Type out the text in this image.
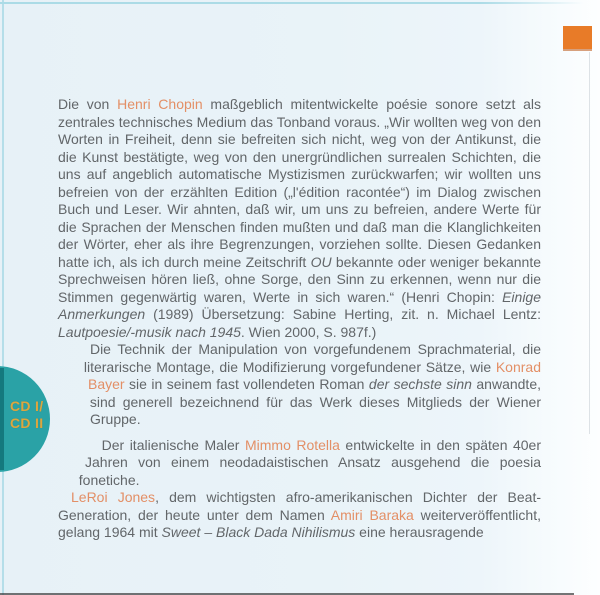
CD I/
CD II

Die von Henri Chopin maßgeblich mitentwickelte poésie sonore setzt als zentrales technisches Medium das Tonband voraus. „Wir wollten weg von den Worten in Freiheit, denn sie befreiten sich nicht, weg von der Antikunst, die die Kunst bestätigte, weg von den unergründlichen surrealen Schichten, die uns auf angeblich automatische Mystizismen zurückwarfen; wir wollten uns befreien von der erzählten Edition („l'édition racontée“) im Dialog zwischen Buch und Leser. Wir ahnten, daß wir, um uns zu befreien, andere Werte für die Sprachen der Menschen finden mußten und daß man die Klanglichkeiten der Wörter, eher als ihre Begrenzungen, vorziehen sollte. Diesen Gedanken hatte ich, als ich durch meine Zeitschrift OU bekannte oder weniger bekannte Sprechweisen hören ließ, ohne Sorge, den Sinn zu erkennen, wenn nur die Stimmen gegenwärtig waren, Werte in sich waren.“ (Henri Chopin: Einige Anmerkungen (1989) Übersetzung: Sabine Herting, zit. n. Michael Lentz: Lautpoesie/-musik nach 1945. Wien 2000, S. 987f.)

Die Technik der Manipulation von vorgefundenem Sprachmaterial, die literarische Montage, die Modifizierung vorgefundener Sätze, wie Konrad Bayer sie in seinem fast vollendeten Roman der sechste sinn anwandte, sind generell bezeichnend für das Werk dieses Mitglieds der Wiener Gruppe.

Der italienische Maler Mimmo Rotella entwickelte in den späten 40er Jahren von einem neodadaistischen Ansatz ausgehend die poesia fonetiche.

LeRoi Jones, dem wichtigsten afro-amerikanischen Dichter der Beat-Generation, der heute unter dem Namen Amiri Baraka weiterveröffentlicht, gelang 1964 mit Sweet – Black Dada Nihilismus eine herausragende
